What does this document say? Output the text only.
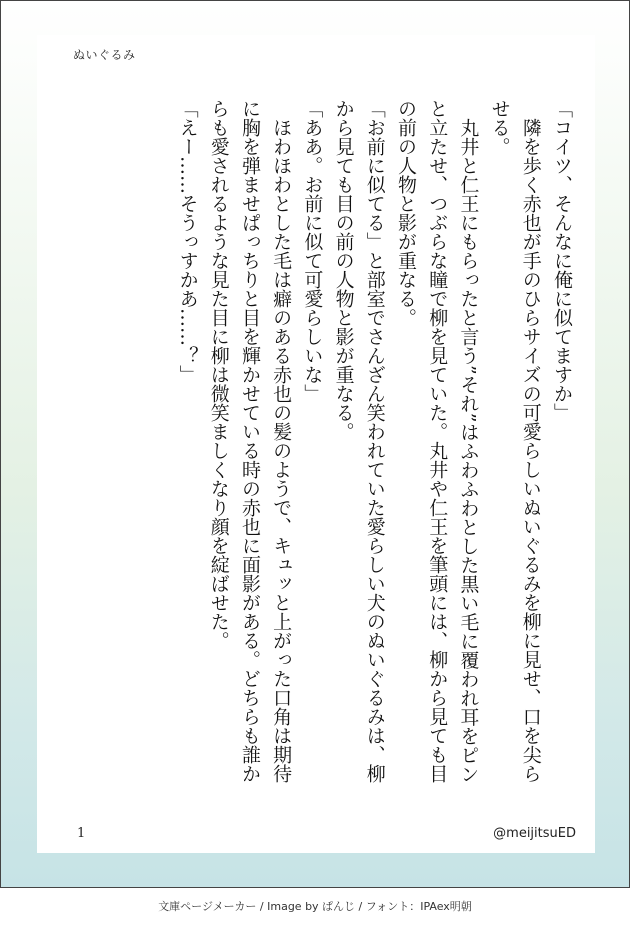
ぬいぐるみ

「コイツ、そんなに俺に似てますか」

　隣を歩く赤也が手のひらサイズの可愛らしいぬいぐるみを柳に見せ、口を尖らせる。

　丸井と仁王にもらったと言う”それ”はふわふわとした黒い毛に覆われ耳をピンと立たせ、つぶらな瞳で柳を見ていた。丸井や仁王を筆頭には、柳から見ても目の前の人物と影が重なる。

「お前に似てる」と部室でさんざん笑われていた愛らしい犬のぬいぐるみは、柳から見ても目の前の人物と影が重なる。

「ああ。お前に似て可愛らしいな」

　ほわほわとした毛は癖のある赤也の髪のようで、キュッと上がった口角は期待に胸を弾ませぱっちりと目を輝かせている時の赤也に面影がある。どちらも誰からも愛されるような見た目に柳は微笑ましくなり顔を綻ばせた。

「えー……そうっすかあ……？」

1	@meijitsuED
文庫ページメーカー / Image by ぱんじ / フォント：IPAex明朝
